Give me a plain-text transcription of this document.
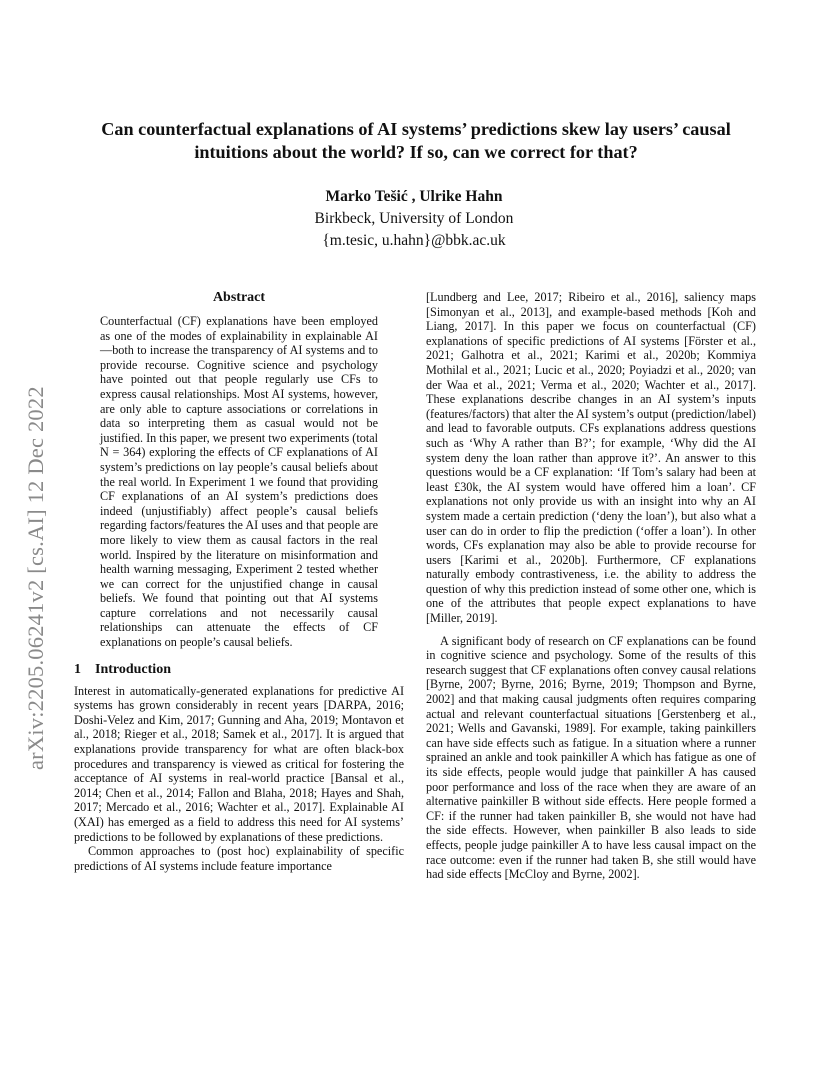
arXiv:2205.06241v2 [cs.AI] 12 Dec 2022
Can counterfactual explanations of AI systems’ predictions skew lay users’ causal intuitions about the world? If so, can we correct for that?
Marko Tešić , Ulrike Hahn
Birkbeck, University of London
{m.tesic, u.hahn}@bbk.ac.uk
Abstract

Counterfactual (CF) explanations have been employed as one of the modes of explainability in explainable AI—both to increase the transparency of AI systems and to provide recourse. Cognitive science and psychology have pointed out that people regularly use CFs to express causal relationships. Most AI systems, however, are only able to capture associations or correlations in data so interpreting them as casual would not be justified. In this paper, we present two experiments (total N = 364) exploring the effects of CF explanations of AI system’s predictions on lay people’s causal beliefs about the real world. In Experiment 1 we found that providing CF explanations of an AI system’s predictions does indeed (unjustifiably) affect people’s causal beliefs regarding factors/features the AI uses and that people are more likely to view them as causal factors in the real world. Inspired by the literature on misinformation and health warning messaging, Experiment 2 tested whether we can correct for the unjustified change in causal beliefs. We found that pointing out that AI systems capture correlations and not necessarily causal relationships can attenuate the effects of CF explanations on people’s causal beliefs.

1 Introduction

Interest in automatically-generated explanations for predictive AI systems has grown considerably in recent years [DARPA, 2016; Doshi-Velez and Kim, 2017; Gunning and Aha, 2019; Montavon et al., 2018; Rieger et al., 2018; Samek et al., 2017]. It is argued that explanations provide transparency for what are often black-box procedures and transparency is viewed as critical for fostering the acceptance of AI systems in real-world practice [Bansal et al., 2014; Chen et al., 2014; Fallon and Blaha, 2018; Hayes and Shah, 2017; Mercado et al., 2016; Wachter et al., 2017]. Explainable AI (XAI) has emerged as a field to address this need for AI systems’ predictions to be followed by explanations of these predictions.

Common approaches to (post hoc) explainability of specific predictions of AI systems include feature importance

[Lundberg and Lee, 2017; Ribeiro et al., 2016], saliency maps [Simonyan et al., 2013], and example-based methods [Koh and Liang, 2017]. In this paper we focus on counterfactual (CF) explanations of specific predictions of AI systems [Förster et al., 2021; Galhotra et al., 2021; Karimi et al., 2020b; Kommiya Mothilal et al., 2021; Lucic et al., 2020; Poyiadzi et al., 2020; van der Waa et al., 2021; Verma et al., 2020; Wachter et al., 2017]. These explanations describe changes in an AI system’s inputs (features/factors) that alter the AI system’s output (prediction/label) and lead to favorable outputs. CFs explanations address questions such as ‘Why A rather than B?’; for example, ‘Why did the AI system deny the loan rather than approve it?’. An answer to this questions would be a CF explanation: ‘If Tom’s salary had been at least £30k, the AI system would have offered him a loan’. CF explanations not only provide us with an insight into why an AI system made a certain prediction (‘deny the loan’), but also what a user can do in order to flip the prediction (‘offer a loan’). In other words, CFs explanation may also be able to provide recourse for users [Karimi et al., 2020b]. Furthermore, CF explanations naturally embody contrastiveness, i.e. the ability to address the question of why this prediction instead of some other one, which is one of the attributes that people expect explanations to have [Miller, 2019].

A significant body of research on CF explanations can be found in cognitive science and psychology. Some of the results of this research suggest that CF explanations often convey causal relations [Byrne, 2007; Byrne, 2016; Byrne, 2019; Thompson and Byrne, 2002] and that making causal judgments often requires comparing actual and relevant counterfactual situations [Gerstenberg et al., 2021; Wells and Gavanski, 1989]. For example, taking painkillers can have side effects such as fatigue. In a situation where a runner sprained an ankle and took painkiller A which has fatigue as one of its side effects, people would judge that painkiller A has caused poor performance and loss of the race when they are aware of an alternative painkiller B without side effects. Here people formed a CF: if the runner had taken painkiller B, she would not have had the side effects. However, when painkiller B also leads to side effects, people judge painkiller A to have less causal impact on the race outcome: even if the runner had taken B, she still would have had side effects [McCloy and Byrne, 2002].
